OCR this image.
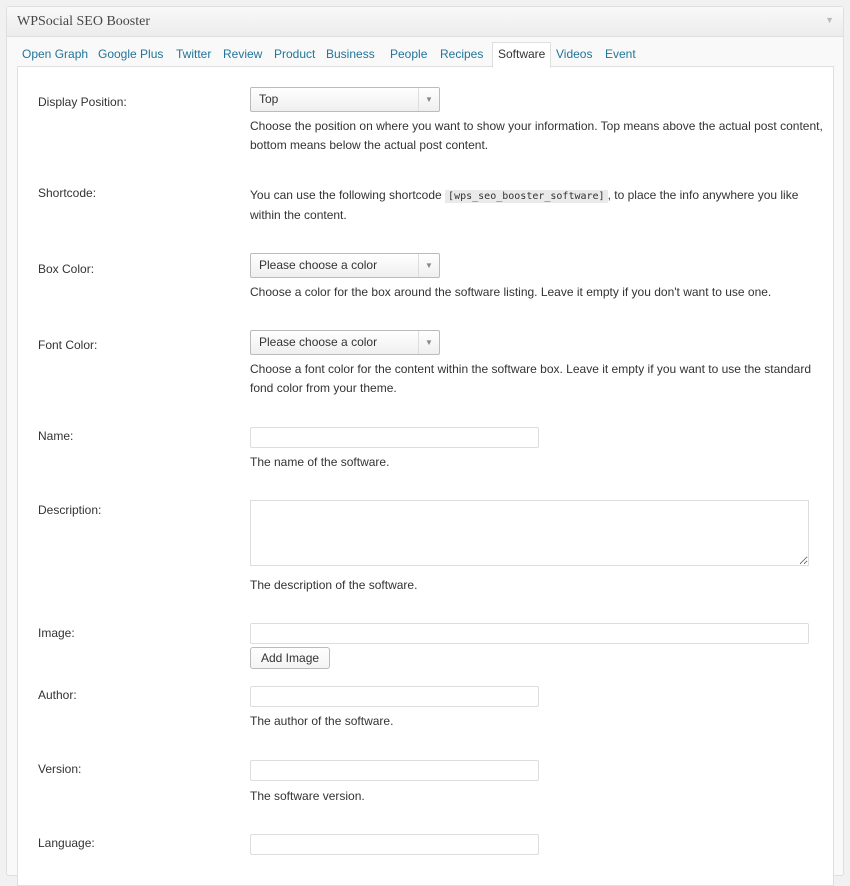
WPSocial SEO Booster	▼
Open Graph Google Plus Twitter Review Product Business People Recipes	Software Videos Event
Display Position:	Top	▼
Choose the position on where you want to show your information. Top means above the actual post content, bottom means below the actual post content.
Shortcode:	You can use the following shortcode [wps_seo_booster_software] , to place the info anywhere you like within the content.
Box Color:	Please choose a color	▼
Choose a color for the box around the software listing. Leave it empty if you don't want to use one.
Font Color:	Please choose a color	▼
Choose a font color for the content within the software box. Leave it empty if you want to use the standard fond color from your theme.
Name:
The name of the software.
Description:
The description of the software.
Image:
Add Image
Author:
The author of the software.
Version:
The software version.
Language:
